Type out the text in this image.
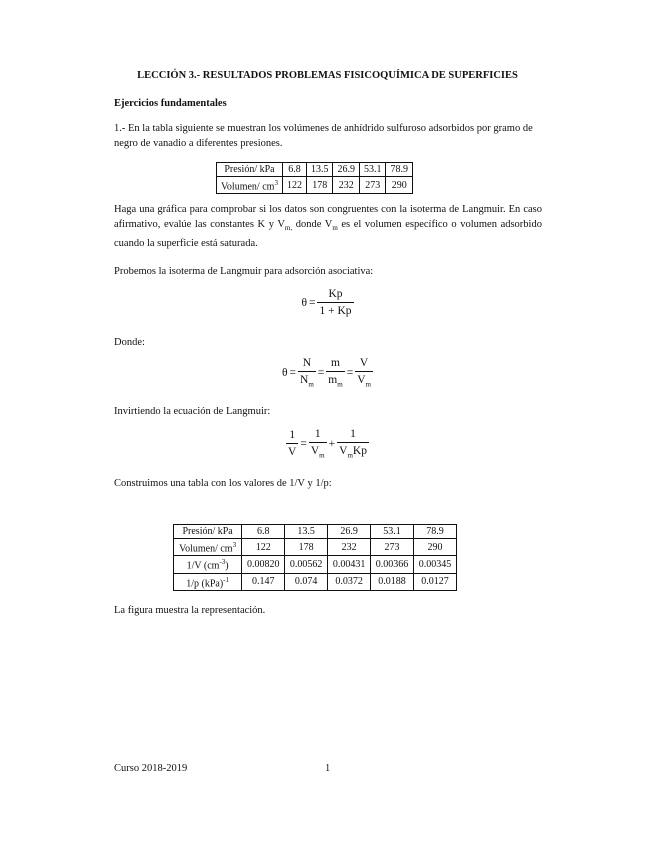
LECCIÓN 3.- RESULTADOS PROBLEMAS FISICOQUÍMICA DE SUPERFICIES
Ejercicios fundamentales
1.- En la tabla siguiente se muestran los volúmenes de anhídrido sulfuroso adsorbidos por gramo de negro de vanadio a diferentes presiones.
Presión/ kPa	6.8	13.5	26.9	53.1	78.9
Volumen/ $cm^3$	122	178	232	273	290
Haga una gráfica para comprobar si los datos son congruentes con la isoterma de Langmuir. En caso afirmativo, evalúe las constantes K y $V_{m,}$ donde $V_m$ es el volumen específico o volumen adsorbido cuando la superficie está saturada.
Probemos la isoterma de Langmuir para adsorción asociativa:
$\theta = \frac{Kp}{1 + Kp}$
Donde:
$\theta = \frac{N}{N_m} = \frac{m}{m_m} = \frac{V}{V_m}$
Invirtiendo la ecuación de Langmuir:
$\frac{1}{V} = \frac{1}{V_m} + \frac{1}{V_mKp}$
Construimos una tabla con los valores de 1/V y 1/p:
Presión/ kPa	6.8	13.5	26.9	53.1	78.9
Volumen/ $cm^3$	122	178	232	273	290
1/V $(cm^{-3})$	0.00820	0.00562	0.00431	0.00366	0.00345
1/p (kPa)$^{-1}$	0.147	0.074	0.0372	0.0188	0.0127
La figura muestra la representación.
Curso 2018-2019	1
